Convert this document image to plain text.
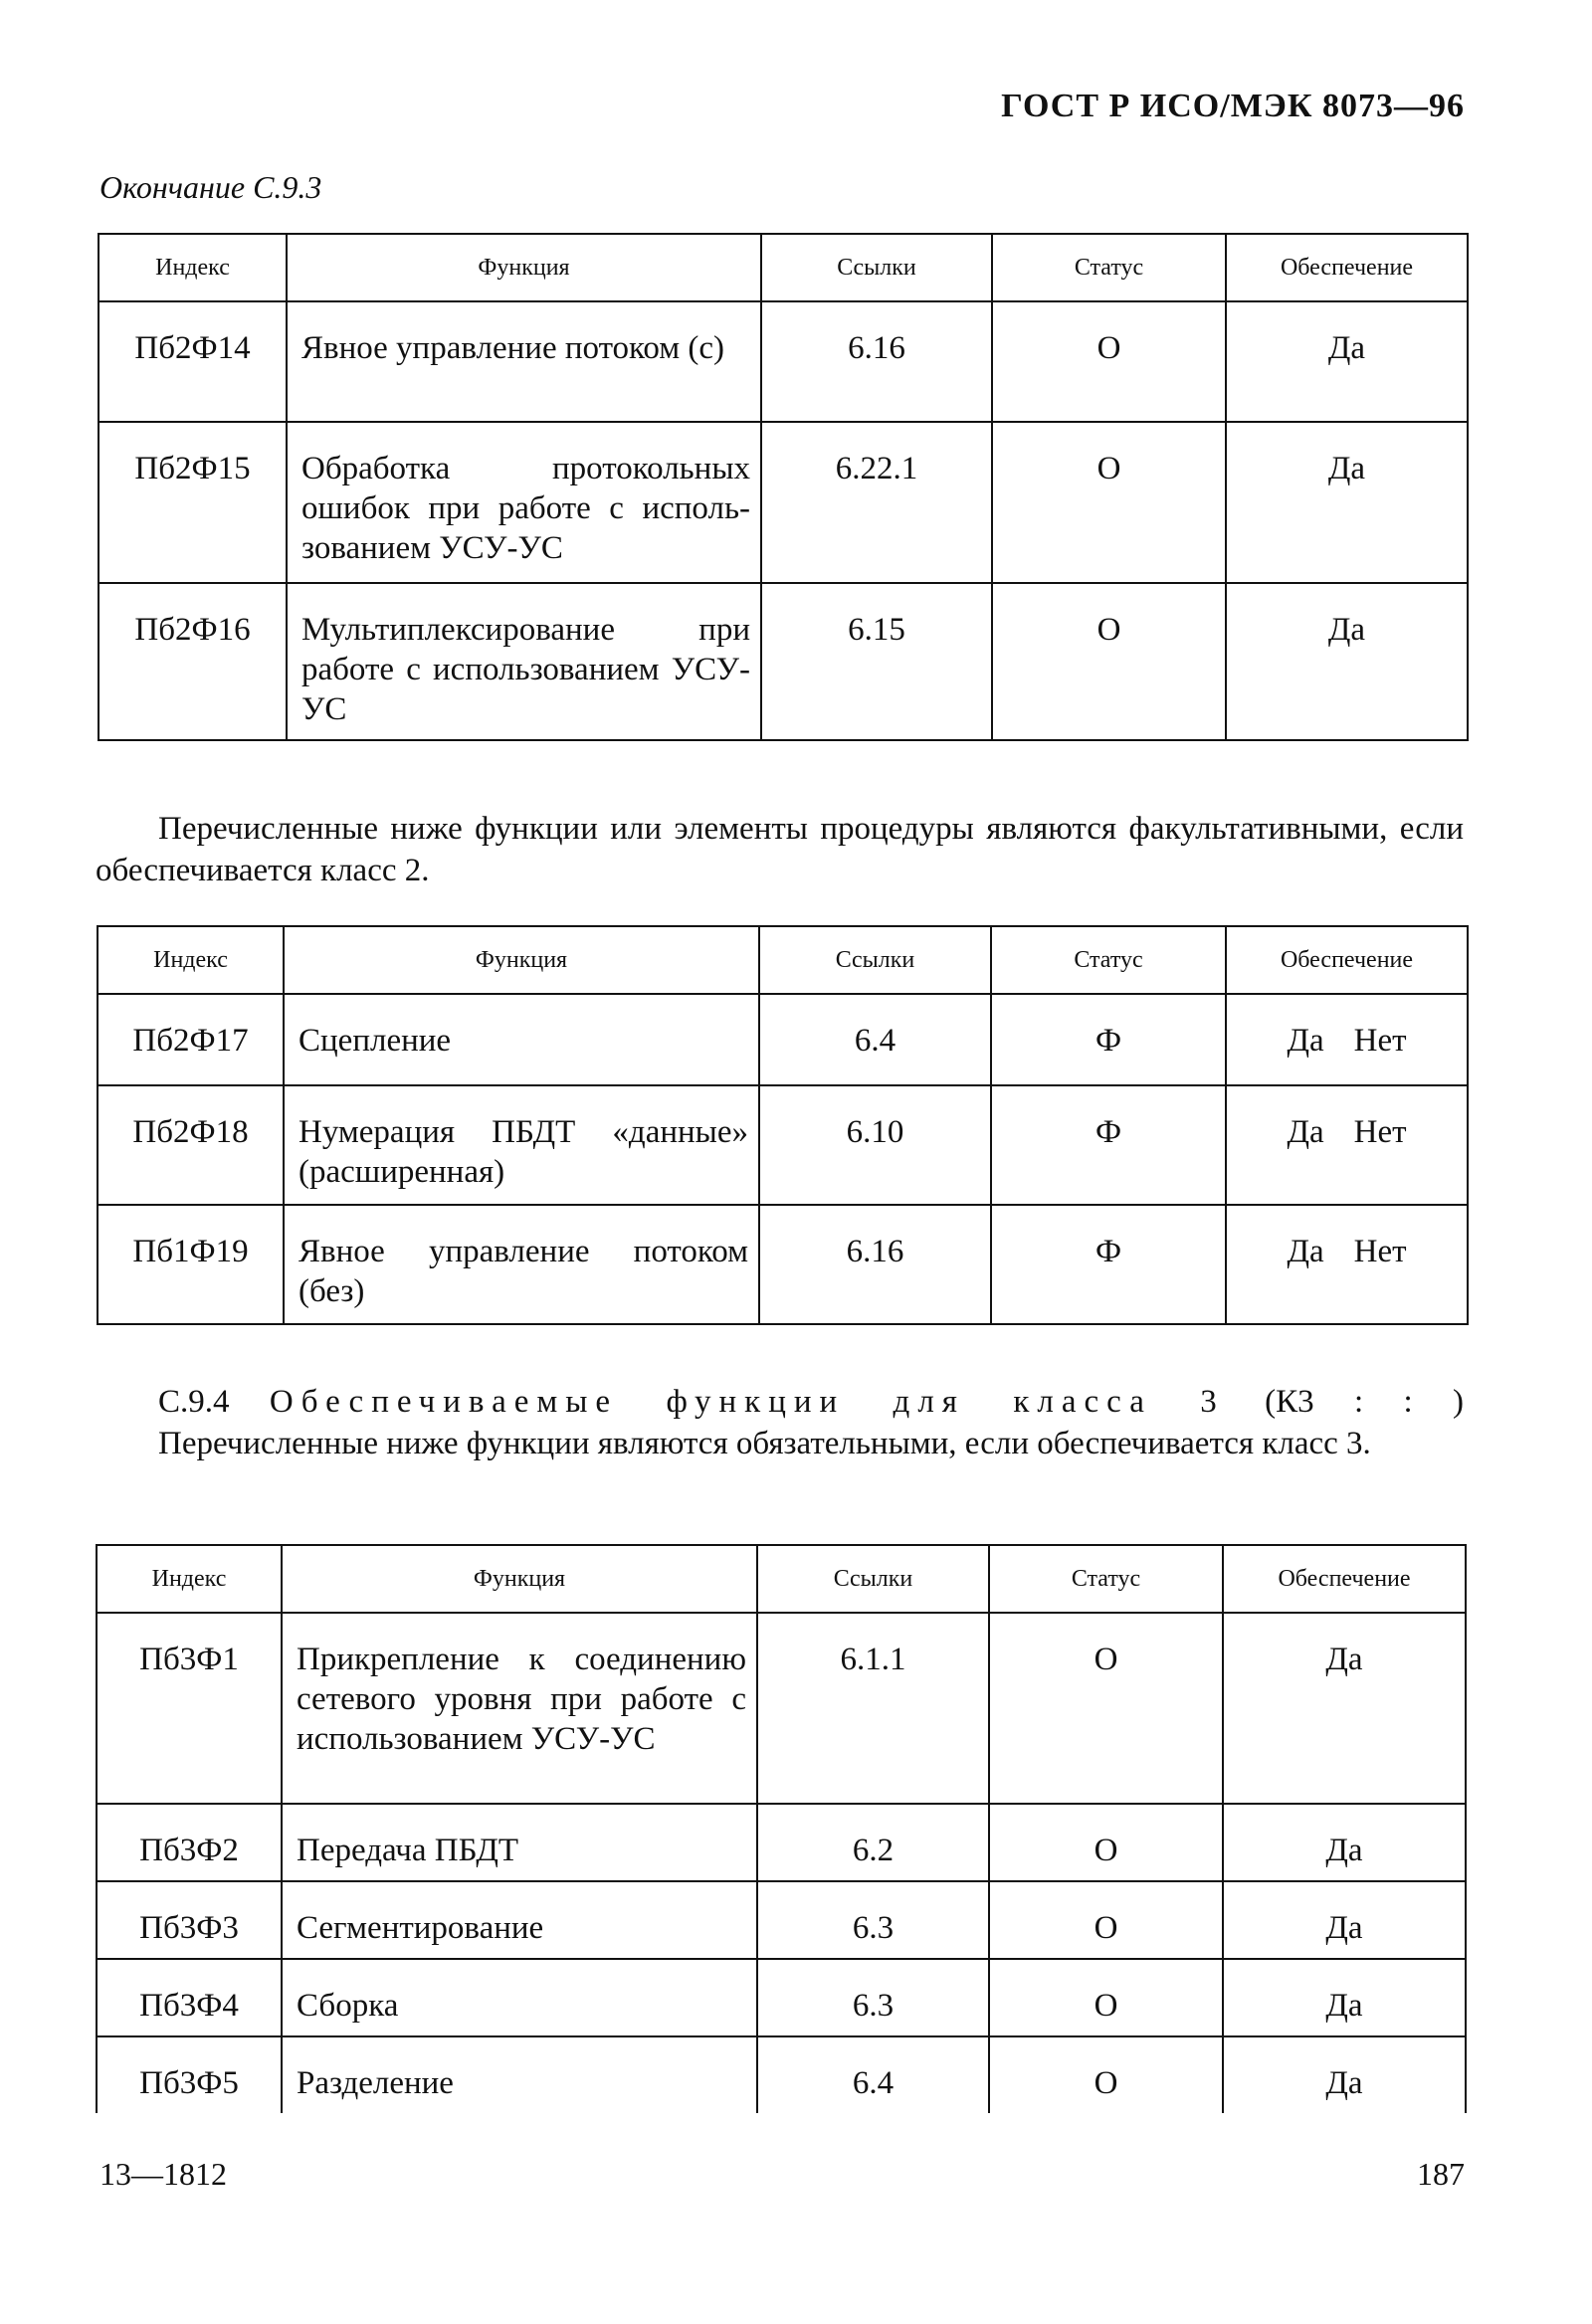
ГОСТ Р ИСО/МЭК 8073—96
Окончание С.9.3
Индекс	Функция	Ссылки	Статус	Обеспечение
Пб2Ф14	Явное управление потоком (с)	6.16	О	Да
Пб2Ф15	Обработка протокольных ошибок при работе с использованием УСУ-УС	6.22.1	О	Да
Пб2Ф16	Мультиплексирование при работе с использованием УСУ-УС	6.15	О	Да
Перечисленные ниже функции или элементы процедуры являются факультативными, если обеспечивается класс 2.
Индекс	Функция	Ссылки	Статус	Обеспечение
Пб2Ф17	Сцепление	6.4	Ф	Да Нет
Пб2Ф18	Нумерация ПБДТ «данные» (расширенная)	6.10	Ф	Да Нет
Пб1Ф19	Явное управление потоком (без)	6.16	Ф	Да Нет
С.9.4 Обеспечиваемые функции для класса 3 (К3 : : )
Перечисленные ниже функции являются обязательными, если обеспечивается класс 3.
Индекс	Функция	Ссылки	Статус	Обеспечение
Пб3Ф1	Прикрепление к соединению сетевого уровня при работе с использованием УСУ-УС	6.1.1	О	Да
Пб3Ф2	Передача ПБДТ	6.2	О	Да
Пб3Ф3	Сегментирование	6.3	О	Да
Пб3Ф4	Сборка	6.3	О	Да
Пб3Ф5	Разделение	6.4	О	Да
13—1812	187
